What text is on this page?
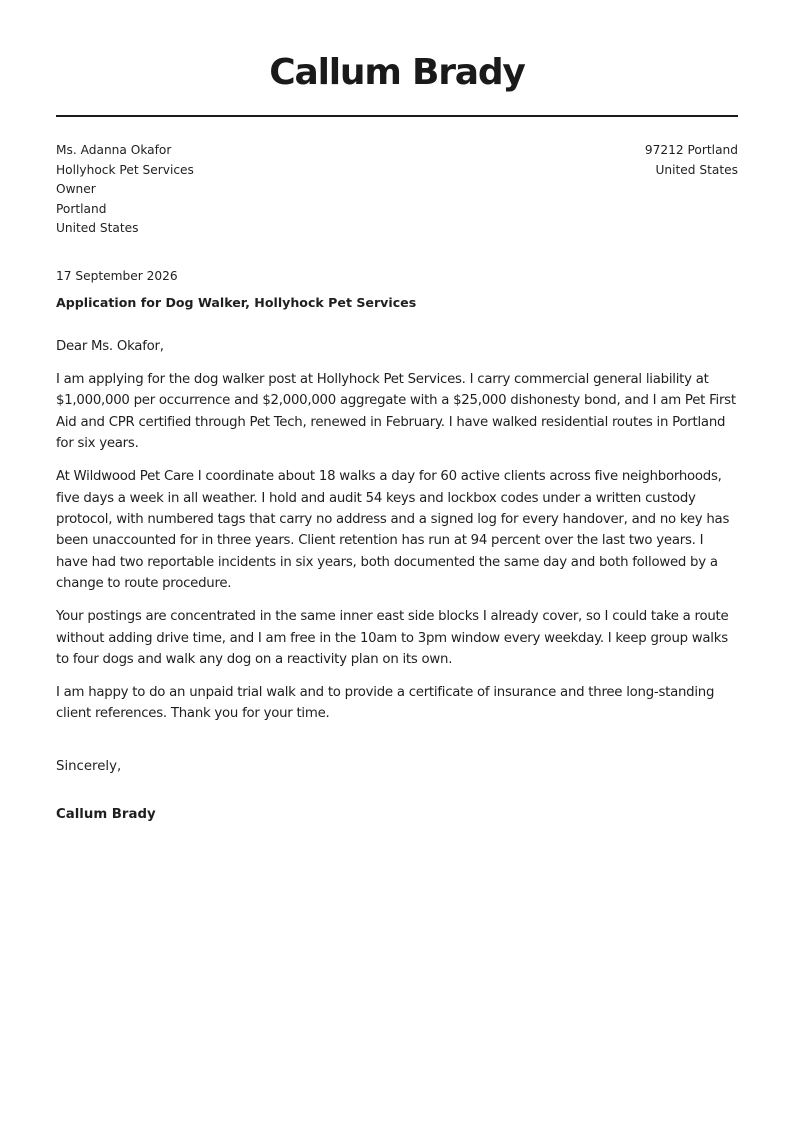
Callum Brady
Ms. Adanna Okafor
Hollyhock Pet Services
Owner
Portland
United States
97212 Portland
United States
17 September 2026
Application for Dog Walker, Hollyhock Pet Services

Dear Ms. Okafor,

I am applying for the dog walker post at Hollyhock Pet Services. I carry commercial general liability at $1,000,000 per occurrence and $2,000,000 aggregate with a $25,000 dishonesty bond, and I am Pet First Aid and CPR certified through Pet Tech, renewed in February. I have walked residential routes in Portland for six years.

At Wildwood Pet Care I coordinate about 18 walks a day for 60 active clients across five neighborhoods, five days a week in all weather. I hold and audit 54 keys and lockbox codes under a written custody protocol, with numbered tags that carry no address and a signed log for every handover, and no key has been unaccounted for in three years. Client retention has run at 94 percent over the last two years. I have had two reportable incidents in six years, both documented the same day and both followed by a change to route procedure.

Your postings are concentrated in the same inner east side blocks I already cover, so I could take a route without adding drive time, and I am free in the 10am to 3pm window every weekday. I keep group walks to four dogs and walk any dog on a reactivity plan on its own.

I am happy to do an unpaid trial walk and to provide a certificate of insurance and three long-standing client references. Thank you for your time.

Sincerely,
Callum Brady
